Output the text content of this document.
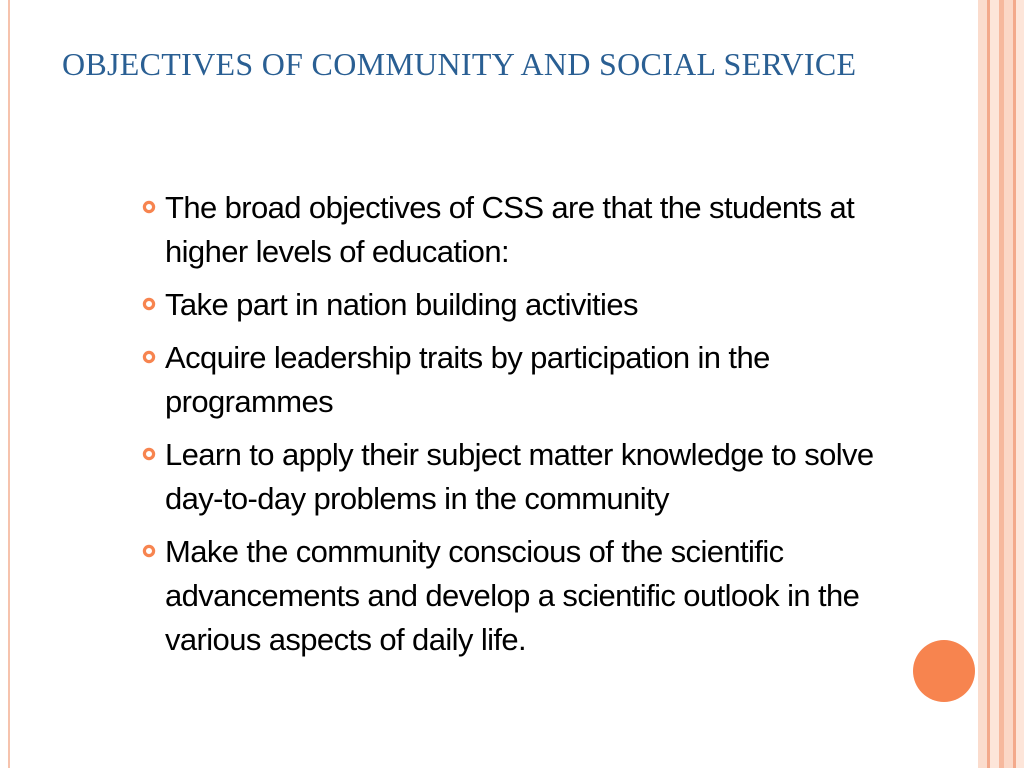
OBJECTIVES OF COMMUNITY AND SOCIAL SERVICE
The broad objectives of CSS are that the students at higher levels of education:
Take part in nation building activities
Acquire leadership traits by participation in the programmes
Learn to apply their subject matter knowledge to solve day-to-day problems in the community
Make the community conscious of the scientific advancements and develop a scientific outlook in the various aspects of daily life.
